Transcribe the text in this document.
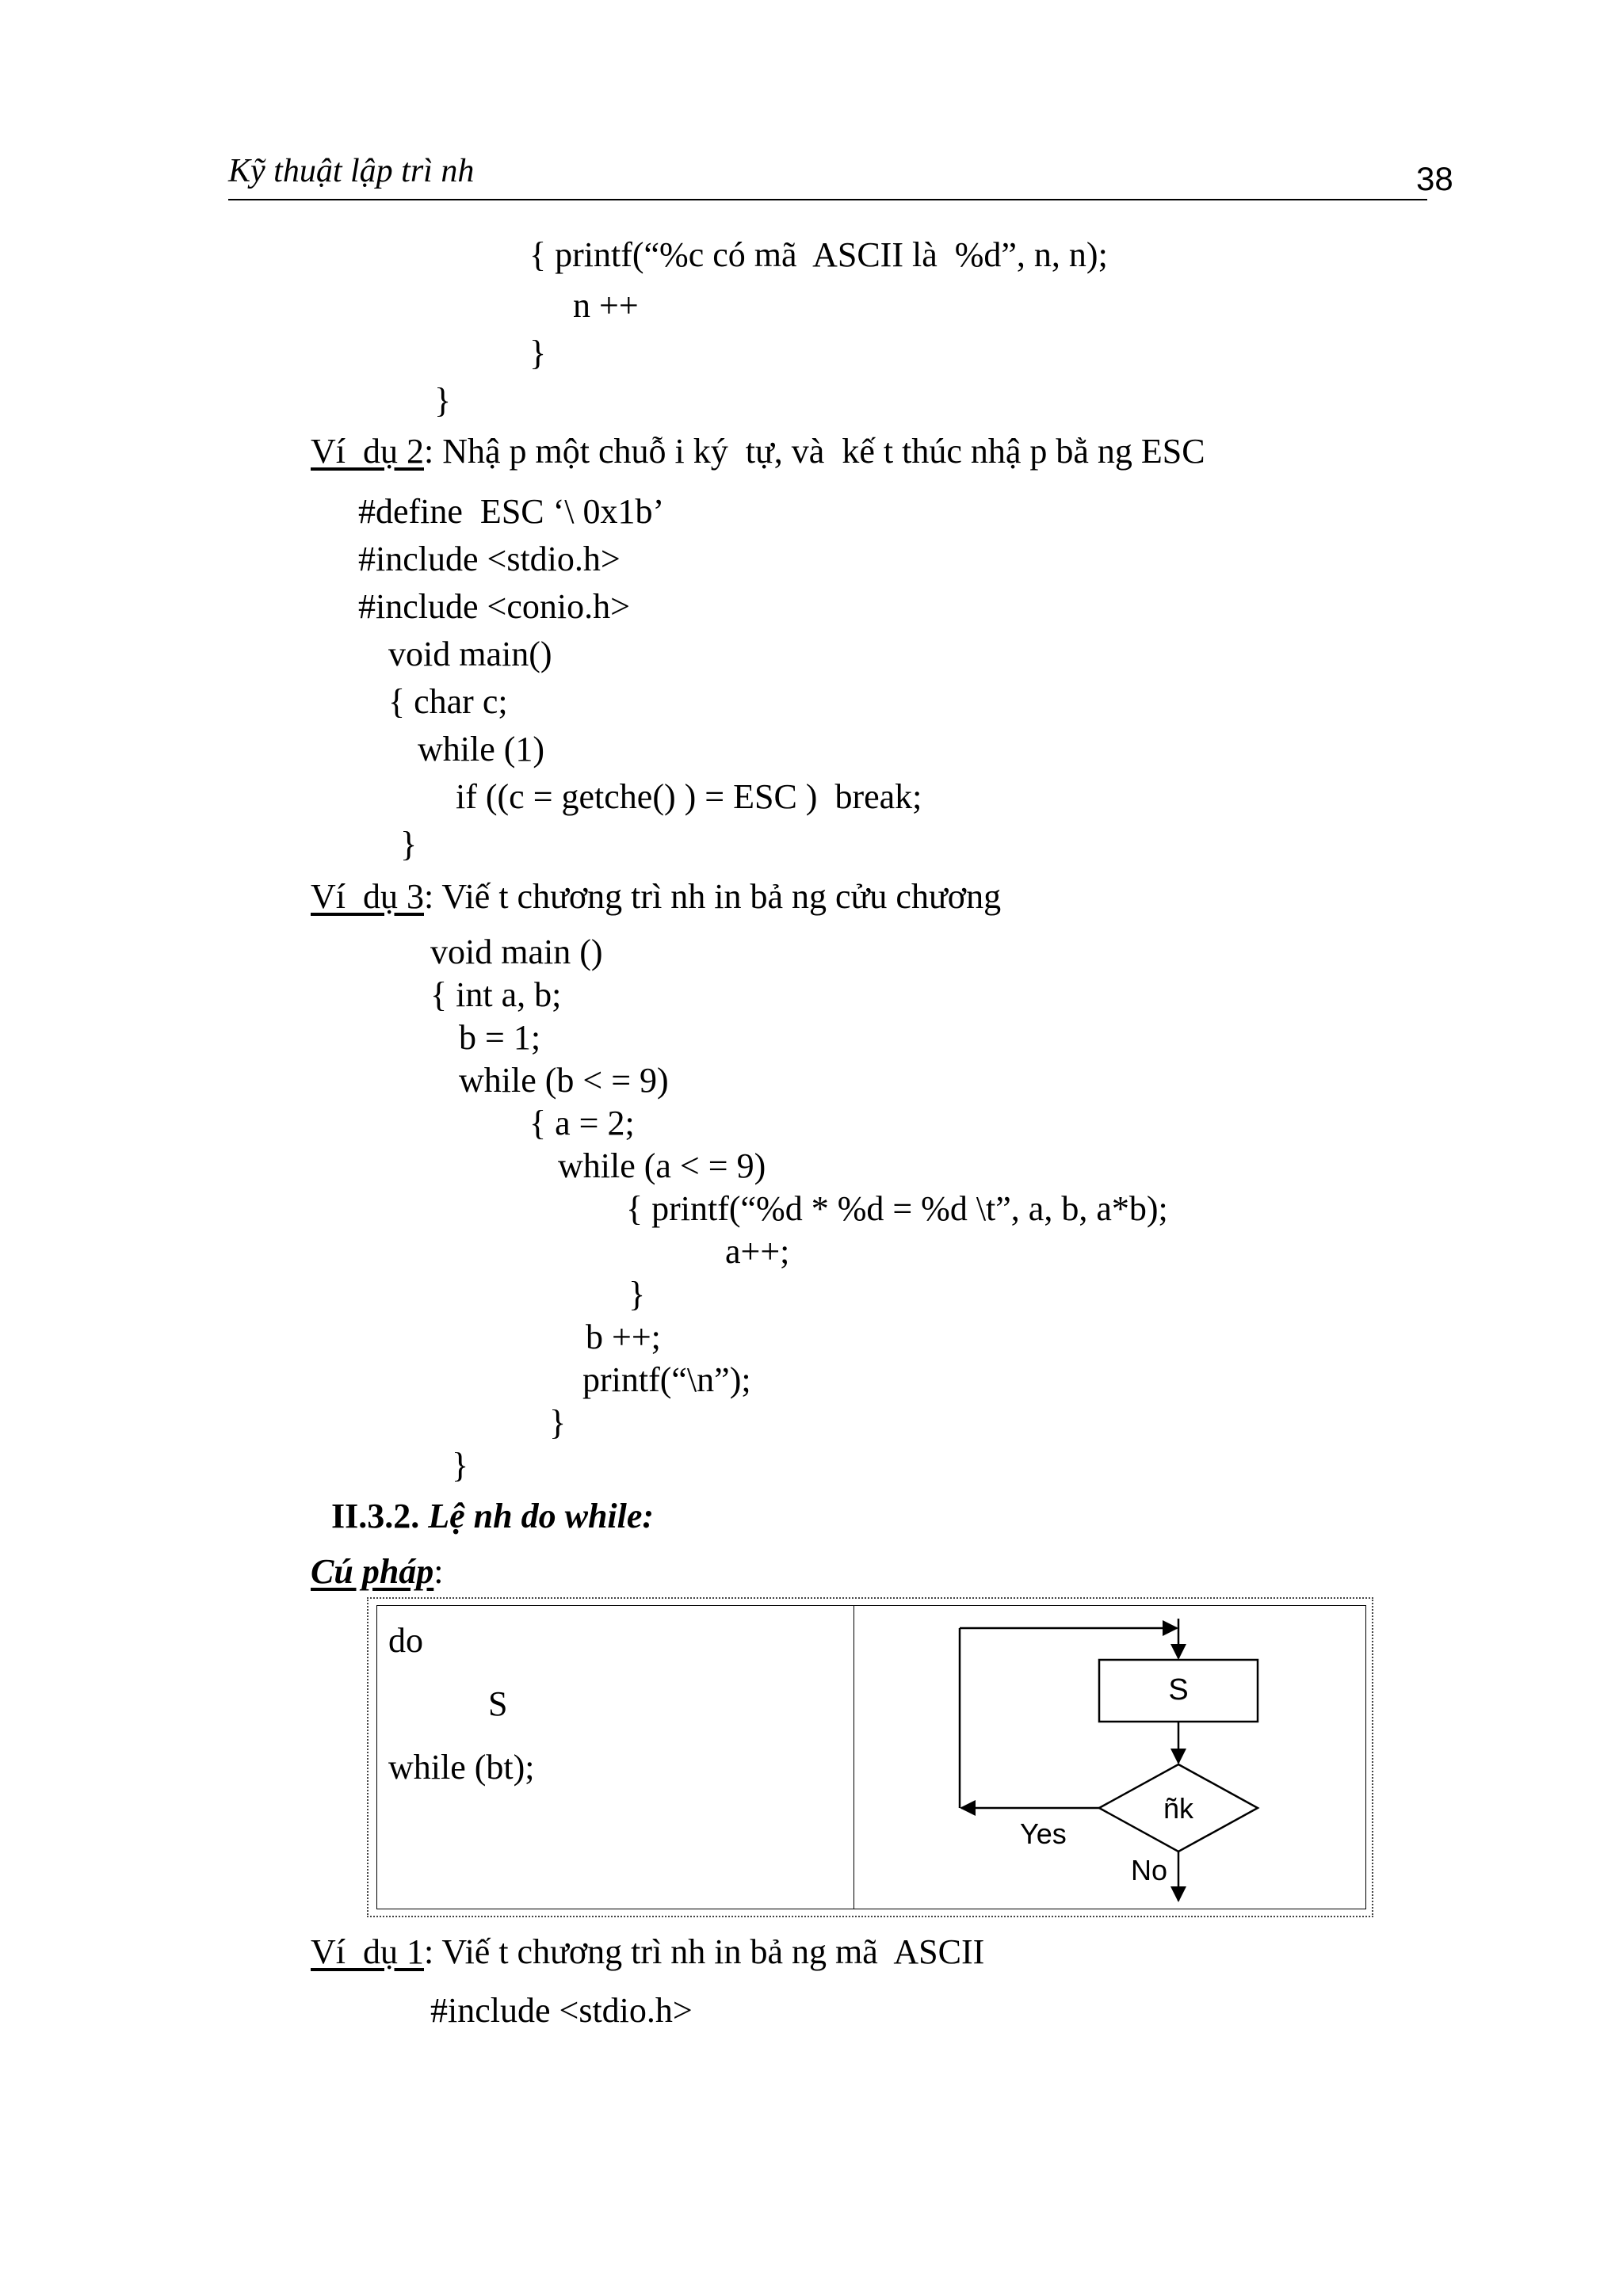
Kỹ thuật lập trì nh	38
{ printf(“%c có mã  ASCII là  %d”, n, n);
n ++
}
}
Ví  dụ 2: Nhậ p một chuỗ i ký  tự, và  kế t thúc nhậ p bằ ng ESC
#define  ESC ‘\ 0x1b’
#include <stdio.h>
#include <conio.h>
void main()
{ char c;
while (1)
if ((c = getche() ) = ESC )  break;
}
Ví  dụ 3: Viế t chương trì nh in bả ng cửu chương
void main ()
{ int a, b;
b = 1;
while (b < = 9)
{ a = 2;
while (a < = 9)
{ printf(“%d * %d = %d \t”, a, b, a*b);
a++;
}
b ++;
printf(“\n”);
}
}
II.3.2. Lệ nh do while:
Cú pháp:
do
S
while (bt);
S
ñk
Yes
No
Ví  dụ 1: Viế t chương trì nh in bả ng mã  ASCII
#include <stdio.h>
